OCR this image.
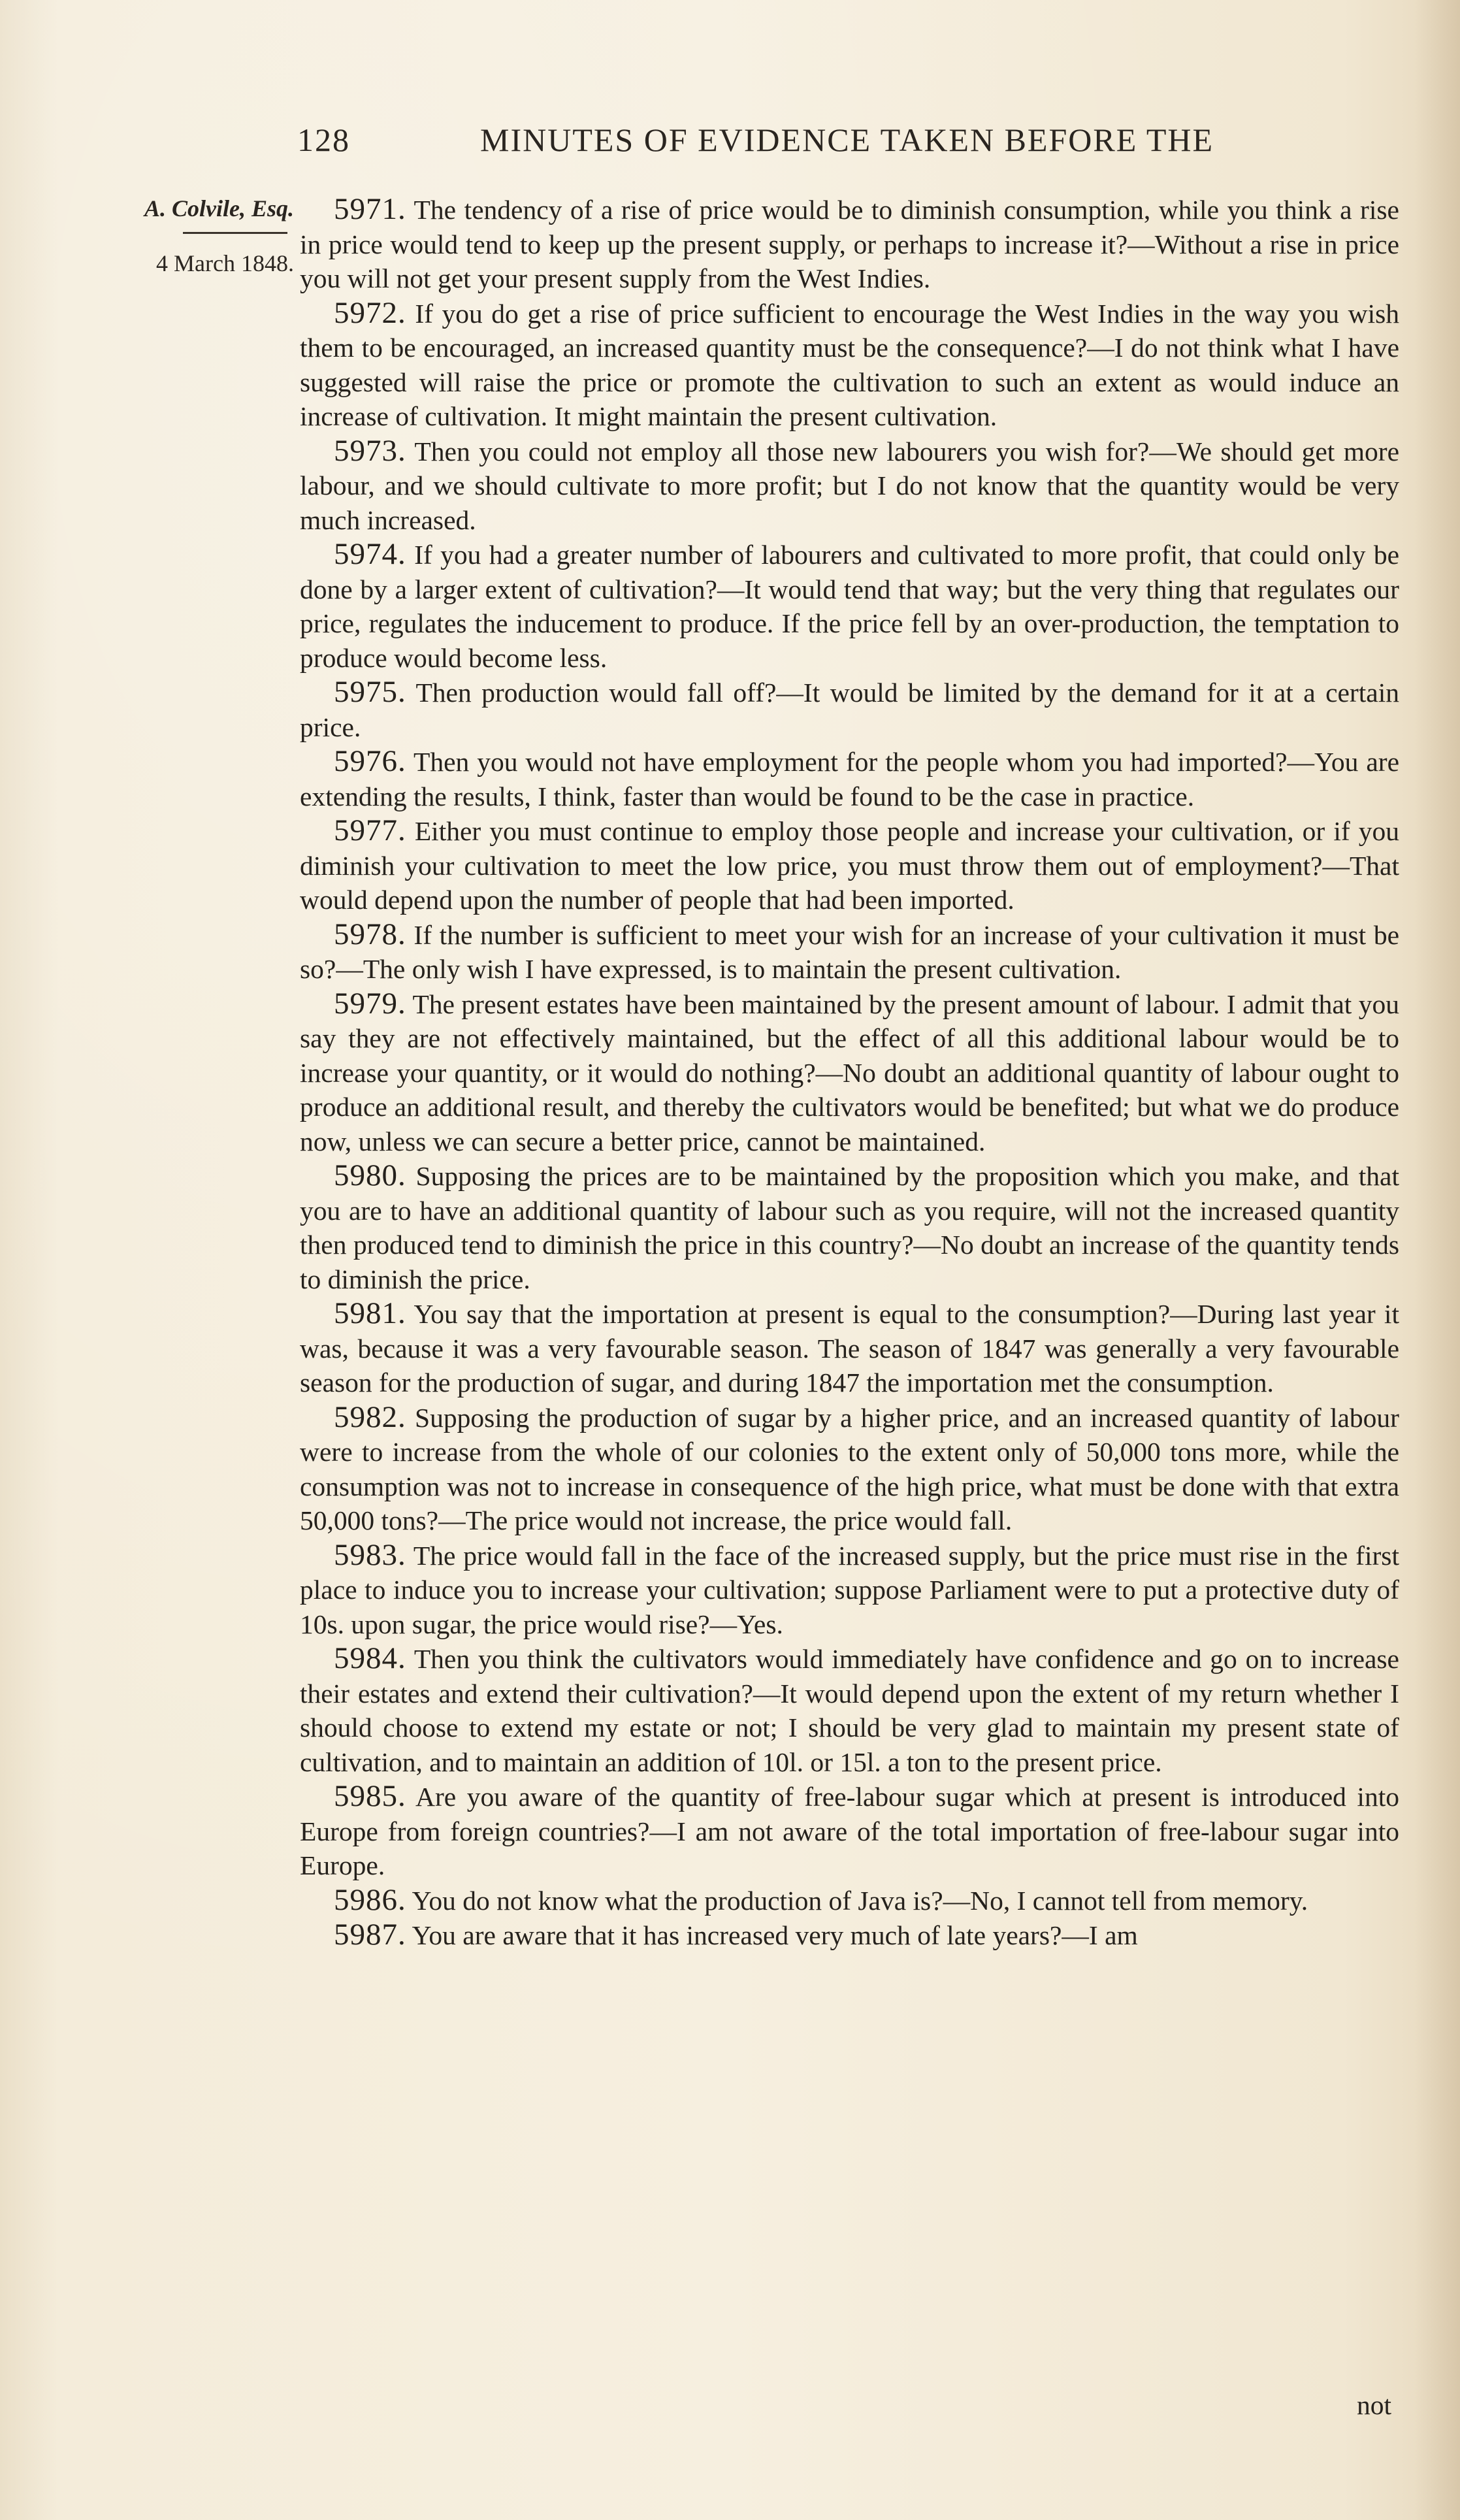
128	MINUTES OF EVIDENCE TAKEN BEFORE THE
A. Colvile, Esq.
4 March 1848.

5971. The tendency of a rise of price would be to diminish consumption, while you think a rise in price would tend to keep up the present supply, or perhaps to increase it?—Without a rise in price you will not get your present supply from the West Indies.

5972. If you do get a rise of price sufficient to encourage the West Indies in the way you wish them to be encouraged, an increased quantity must be the consequence?—I do not think what I have suggested will raise the price or promote the cultivation to such an extent as would induce an increase of cultivation. It might maintain the present cultivation.

5973. Then you could not employ all those new labourers you wish for?—We should get more labour, and we should cultivate to more profit; but I do not know that the quantity would be very much increased.

5974. If you had a greater number of labourers and cultivated to more profit, that could only be done by a larger extent of cultivation?—It would tend that way; but the very thing that regulates our price, regulates the inducement to produce. If the price fell by an over-production, the temptation to produce would become less.

5975. Then production would fall off?—It would be limited by the demand for it at a certain price.

5976. Then you would not have employment for the people whom you had imported?—You are extending the results, I think, faster than would be found to be the case in practice.

5977. Either you must continue to employ those people and increase your cultivation, or if you diminish your cultivation to meet the low price, you must throw them out of employment?—That would depend upon the number of people that had been imported.

5978. If the number is sufficient to meet your wish for an increase of your cultivation it must be so?—The only wish I have expressed, is to maintain the present cultivation.

5979. The present estates have been maintained by the present amount of labour. I admit that you say they are not effectively maintained, but the effect of all this additional labour would be to increase your quantity, or it would do nothing?—No doubt an additional quantity of labour ought to produce an additional result, and thereby the cultivators would be benefited; but what we do produce now, unless we can secure a better price, cannot be maintained.

5980. Supposing the prices are to be maintained by the proposition which you make, and that you are to have an additional quantity of labour such as you require, will not the increased quantity then produced tend to diminish the price in this country?—No doubt an increase of the quantity tends to diminish the price.

5981. You say that the importation at present is equal to the consumption?—During last year it was, because it was a very favourable season. The season of 1847 was generally a very favourable season for the production of sugar, and during 1847 the importation met the consumption.

5982. Supposing the production of sugar by a higher price, and an increased quantity of labour were to increase from the whole of our colonies to the extent only of 50,000 tons more, while the consumption was not to increase in consequence of the high price, what must be done with that extra 50,000 tons?—The price would not increase, the price would fall.

5983. The price would fall in the face of the increased supply, but the price must rise in the first place to induce you to increase your cultivation; suppose Parliament were to put a protective duty of 10s. upon sugar, the price would rise?—Yes.

5984. Then you think the cultivators would immediately have confidence and go on to increase their estates and extend their cultivation?—It would depend upon the extent of my return whether I should choose to extend my estate or not; I should be very glad to maintain my present state of cultivation, and to maintain an addition of 10l. or 15l. a ton to the present price.

5985. Are you aware of the quantity of free-labour sugar which at present is introduced into Europe from foreign countries?—I am not aware of the total importation of free-labour sugar into Europe.

5986. You do not know what the production of Java is?—No, I cannot tell from memory.

5987. You are aware that it has increased very much of late years?—I am

not
